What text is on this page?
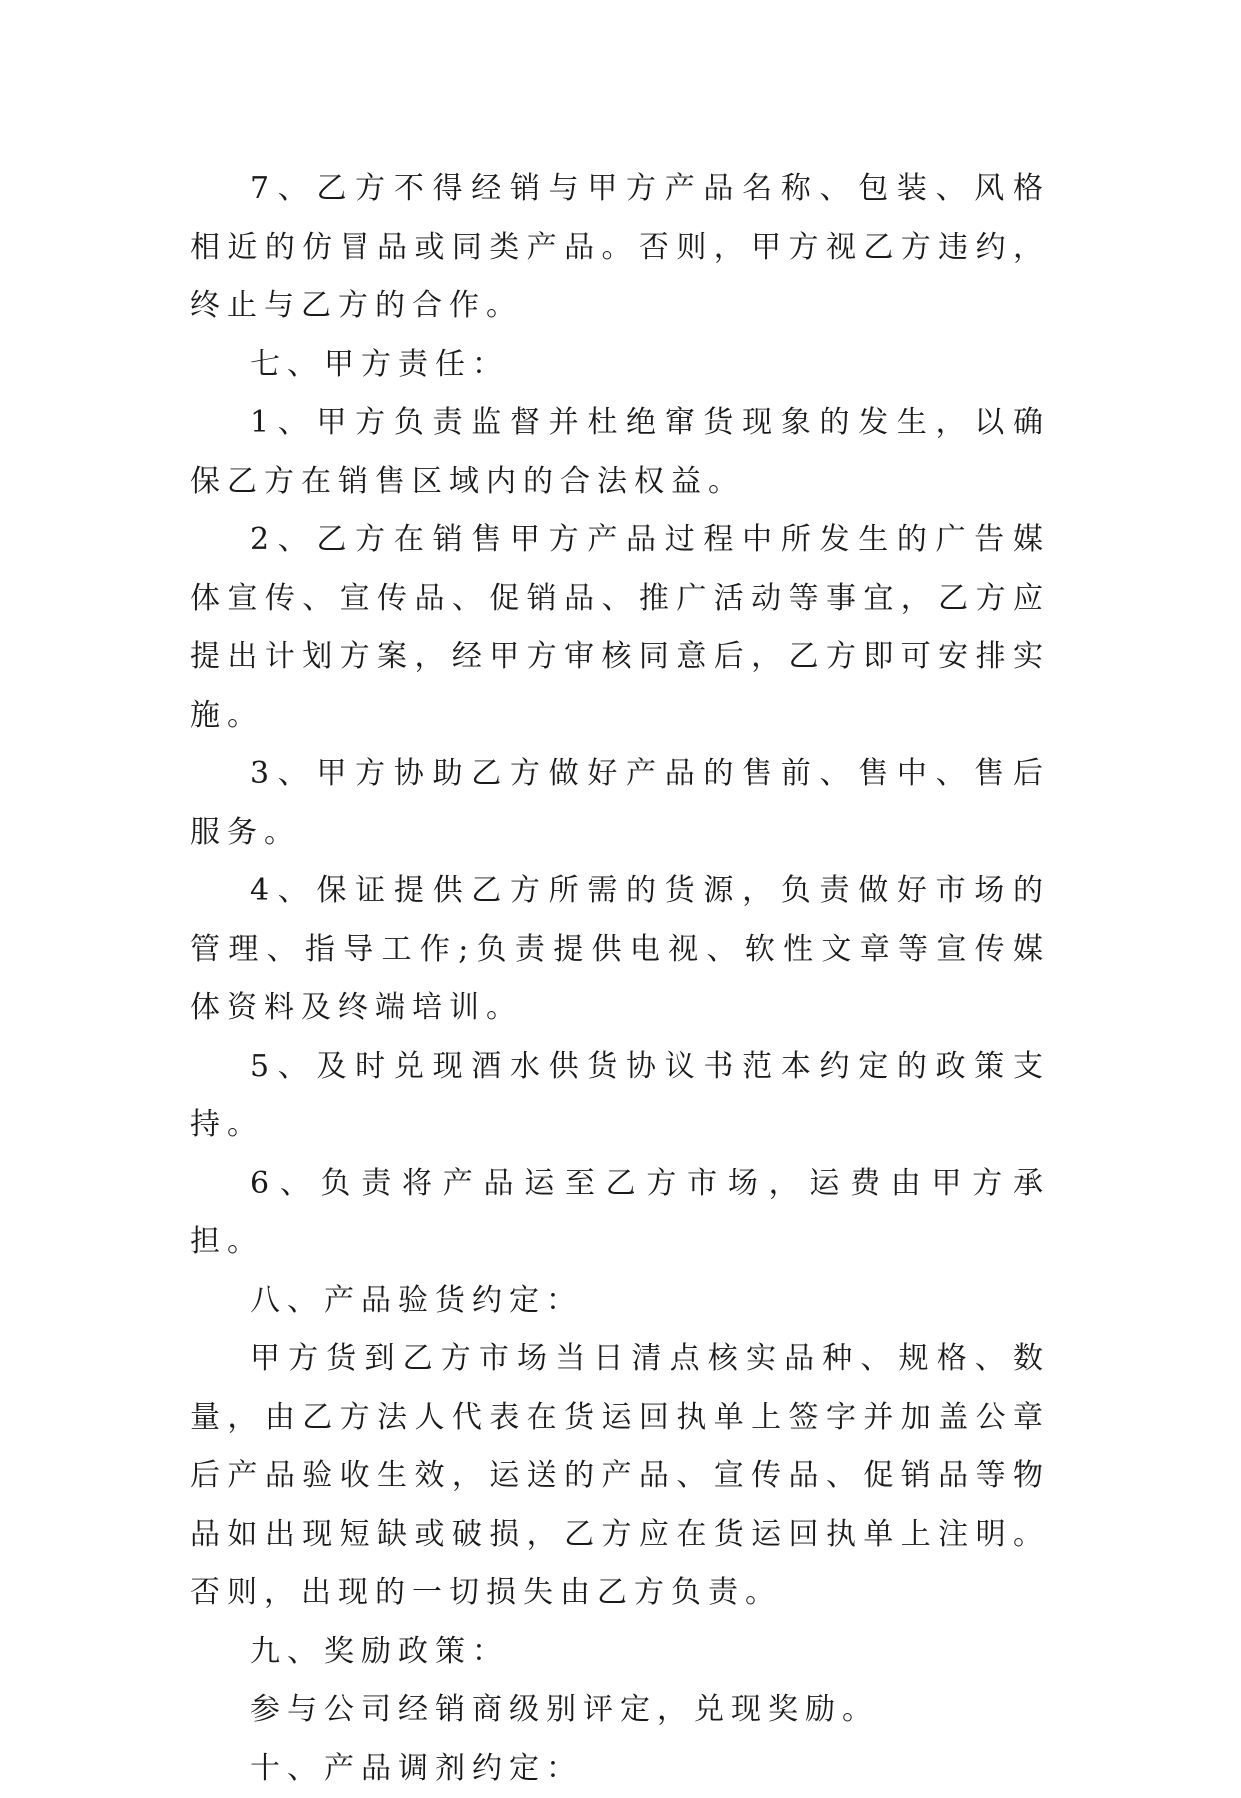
7、乙方不得经销与甲方产品名称、包装、风格相近的仿冒品或同类产品。否则，甲方视乙方违约，终止与乙方的合作。

七、甲方责任：

1、甲方负责监督并杜绝窜货现象的发生，以确保乙方在销售区域内的合法权益。

2、乙方在销售甲方产品过程中所发生的广告媒体宣传、宣传品、促销品、推广活动等事宜，乙方应提出计划方案，经甲方审核同意后，乙方即可安排实施。

3、甲方协助乙方做好产品的售前、售中、售后服务。

4、保证提供乙方所需的货源，负责做好市场的管理、指导工作;负责提供电视、软性文章等宣传媒体资料及终端培训。

5、及时兑现酒水供货协议书范本约定的政策支持。

6、负责将产品运至乙方市场，运费由甲方承担。

八、产品验货约定：

甲方货到乙方市场当日清点核实品种、规格、数量，由乙方法人代表在货运回执单上签字并加盖公章后产品验收生效，运送的产品、宣传品、促销品等物品如出现短缺或破损，乙方应在货运回执单上注明。否则，出现的一切损失由乙方负责。

九、奖励政策：

参与公司经销商级别评定，兑现奖励。

十、产品调剂约定：
